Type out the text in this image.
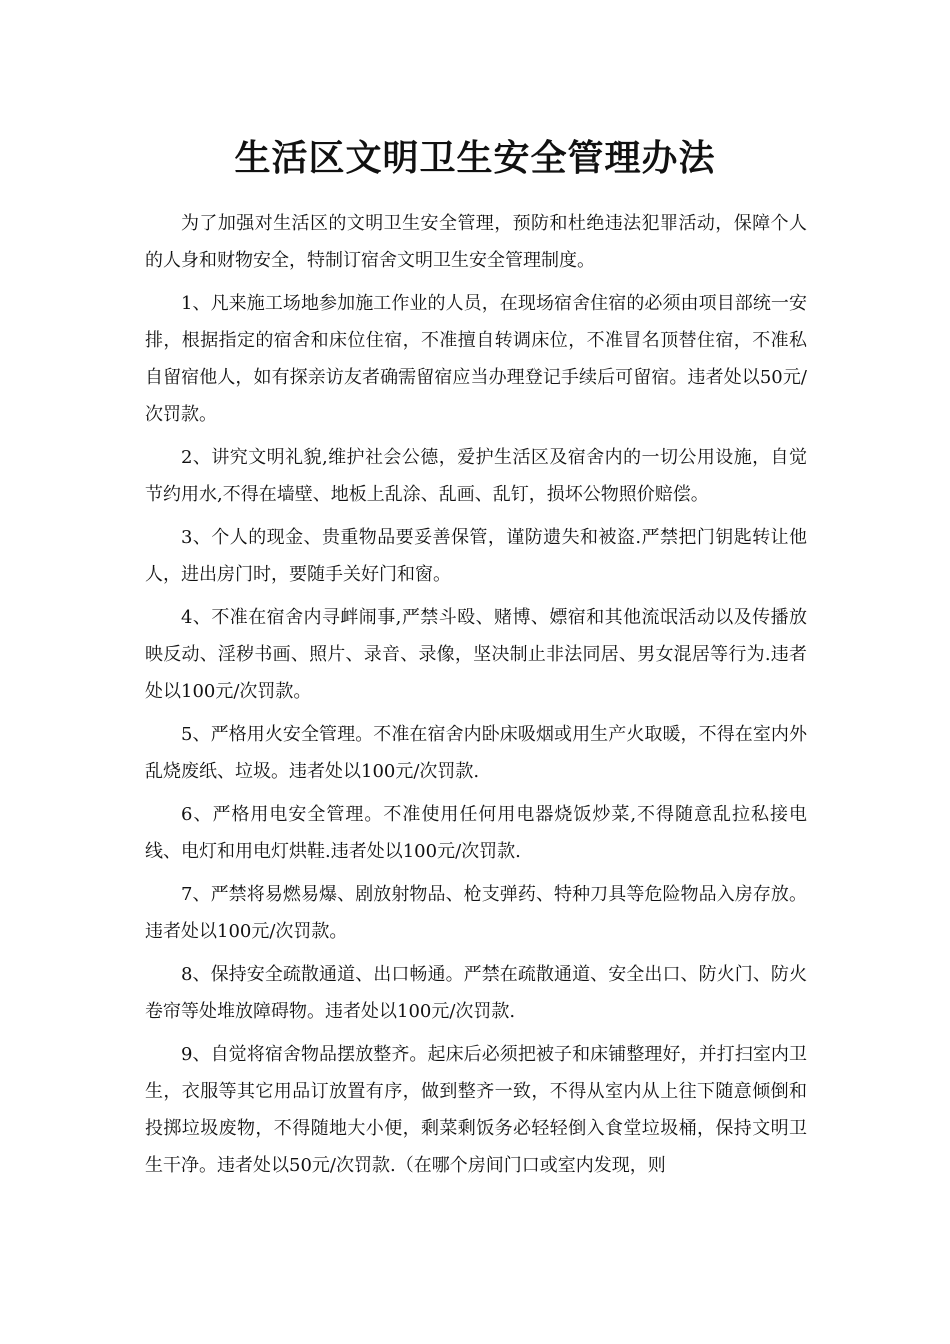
生活区文明卫生安全管理办法

为了加强对生活区的文明卫生安全管理，预防和杜绝违法犯罪活动，保障个人的人身和财物安全，特制订宿舍文明卫生安全管理制度。

1、凡来施工场地参加施工作业的人员，在现场宿舍住宿的必须由项目部统一安排，根据指定的宿舍和床位住宿，不准擅自转调床位，不准冒名顶替住宿，不准私自留宿他人，如有探亲访友者确需留宿应当办理登记手续后可留宿。违者处以50元/次罚款。

2、讲究文明礼貌,维护社会公德，爱护生活区及宿舍内的一切公用设施，自觉节约用水,不得在墙壁、地板上乱涂、乱画、乱钉，损坏公物照价赔偿。

3、个人的现金、贵重物品要妥善保管，谨防遗失和被盗.严禁把门钥匙转让他人，进出房门时，要随手关好门和窗。

4、不准在宿舍内寻衅闹事,严禁斗殴、赌博、嫖宿和其他流氓活动以及传播放映反动、淫秽书画、照片、录音、录像，坚决制止非法同居、男女混居等行为.违者处以100元/次罚款。

5、严格用火安全管理。不准在宿舍内卧床吸烟或用生产火取暖，不得在室内外乱烧废纸、垃圾。违者处以100元/次罚款.

6、严格用电安全管理。不准使用任何用电器烧饭炒菜,不得随意乱拉私接电线、电灯和用电灯烘鞋.违者处以100元/次罚款.

7、严禁将易燃易爆、剧放射物品、枪支弹药、特种刀具等危险物品入房存放。违者处以100元/次罚款。

8、保持安全疏散通道、出口畅通。严禁在疏散通道、安全出口、防火门、防火卷帘等处堆放障碍物。违者处以100元/次罚款.

9、自觉将宿舍物品摆放整齐。起床后必须把被子和床铺整理好，并打扫室内卫生，衣服等其它用品订放置有序，做到整齐一致，不得从室内从上往下随意倾倒和投掷垃圾废物，不得随地大小便，剩菜剩饭务必轻轻倒入食堂垃圾桶，保持文明卫生干净。违者处以50元/次罚款.（在哪个房间门口或室内发现，则
